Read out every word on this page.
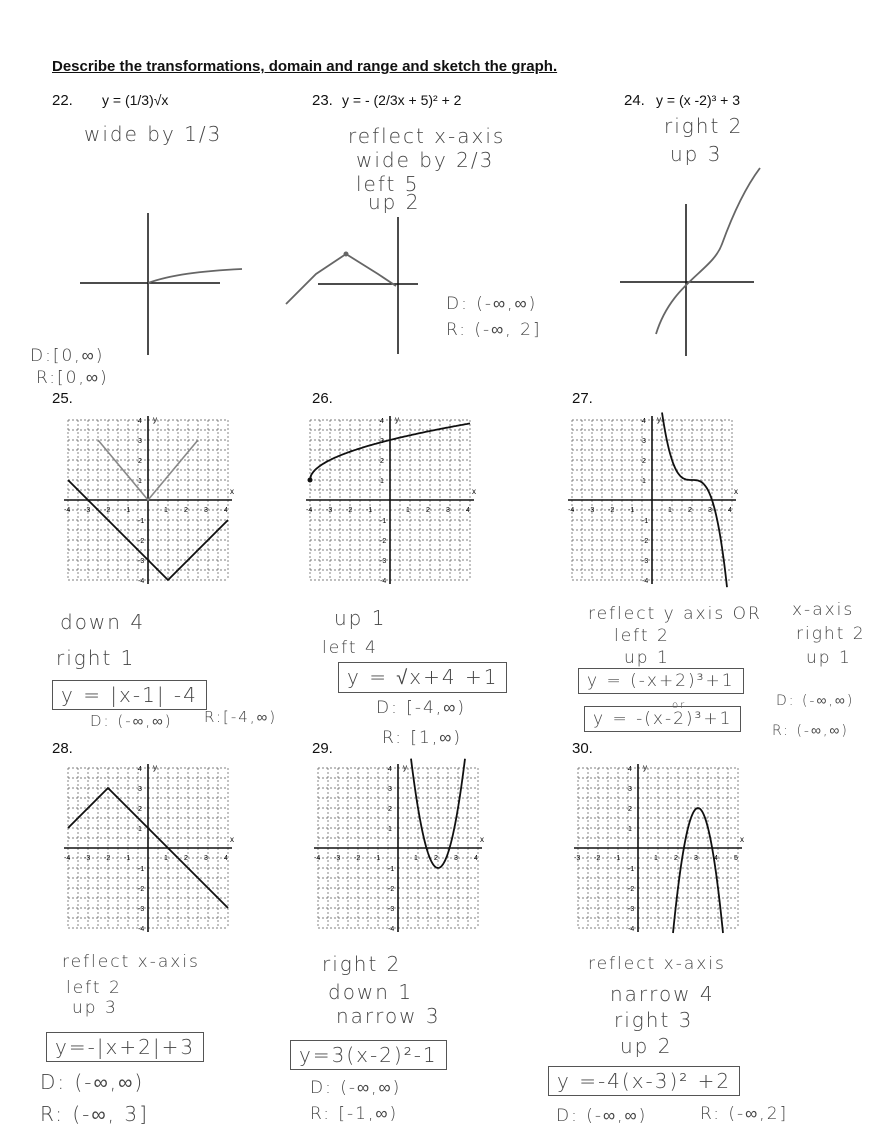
Describe the transformations, domain and range and sketch the graph.
22. y = (1/3)√x
wide by 1/3
D:[0,∞)
R:[0,∞)
23. y = - (2/3x + 5)² + 2
reflect x-axis
wide by 2/3
left 5
up 2
D: (-∞,∞)
R: (-∞, 2]
24. y = (x -2)³ + 3
right 2
up 3
25.
x
y
-4 -3 -2 -1	1 2 3 4
-4
-3
-2
-1
1
2
3
4
down 4
right 1
y = |x-1| -4
D: (-∞,∞) R:[-4,∞)
26.
x
y
-4 -3 -2 -1	1 2 3 4
-4
-3
-2
-1
1
2
3
4
up 1
left 4
y = √x+4 +1
D: [-4,∞)
R: [1,∞)
27.
x
y
-4 -3 -2 -1	1 2 3 4
-4
-3
-2
-1
1
2
3
4
reflect y axis OR
left 2
up 1
x-axis
right 2
up 1
y = (-x+2)³+1
or
y = -(x-2)³+1
D: (-∞,∞)
R: (-∞,∞)
28.
x
y
-4 -3 -2 -1	1 2 3 4
-4
-3
-2
-1
1
2
3
4
reflect x-axis
left 2
up 3
y=-|x+2|+3
D: (-∞,∞)
R: (-∞, 3]
29.
x
y
-4 -3 -2 -1	1 2 3 4
-4
-3
-2
-1
1
2
3
4
right 2
down 1
narrow 3
y=3(x-2)²-1
D: (-∞,∞)
R: [-1,∞)
30.
x
y
-3 -2 -1	1 2 3 4 5
-4
-3
-2
-1
1
2
3
4
reflect x-axis
narrow 4
right 3
up 2
y =-4(x-3)² +2
D: (-∞,∞)	R: (-∞,2]
